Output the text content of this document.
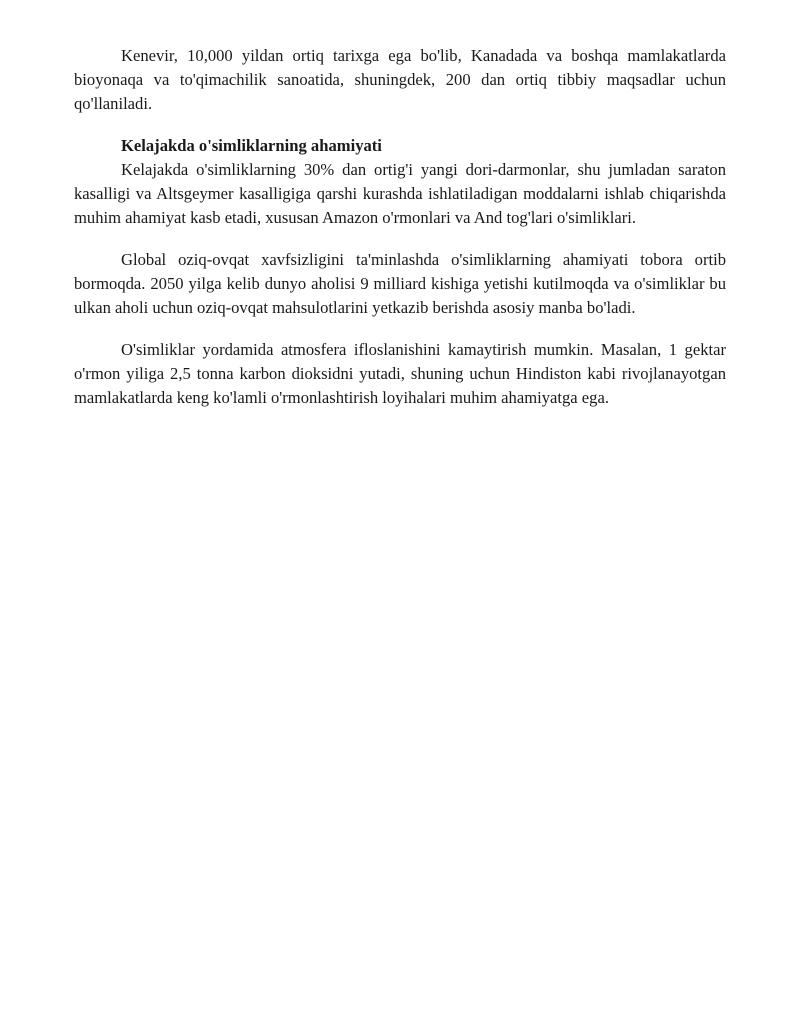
Kenevir, 10,000 yildan ortiq tarixga ega bo'lib, Kanadada va boshqa mamlakatlarda bioyonaqa va to'qimachilik sanoatida, shuningdek, 200 dan ortiq tibbiy maqsadlar uchun qo'llaniladi.

Kelajakda o'simliklarning ahamiyati

Kelajakda o'simliklarning 30% dan ortig'i yangi dori-darmonlar, shu jumladan saraton kasalligi va Altsgeymer kasalligiga qarshi kurashda ishlatiladigan moddalarni ishlab chiqarishda muhim ahamiyat kasb etadi, xususan Amazon o'rmonlari va And tog'lari o'simliklari.

Global oziq-ovqat xavfsizligini ta'minlashda o'simliklarning ahamiyati tobora ortib bormoqda. 2050 yilga kelib dunyo aholisi 9 milliard kishiga yetishi kutilmoqda va o'simliklar bu ulkan aholi uchun oziq-ovqat mahsulotlarini yetkazib berishda asosiy manba bo'ladi.

O'simliklar yordamida atmosfera ifloslanishini kamaytirish mumkin. Masalan, 1 gektar o'rmon yiliga 2,5 tonna karbon dioksidni yutadi, shuning uchun Hindiston kabi rivojlanayotgan mamlakatlarda keng ko'lamli o'rmonlashtirish loyihalari muhim ahamiyatga ega.
